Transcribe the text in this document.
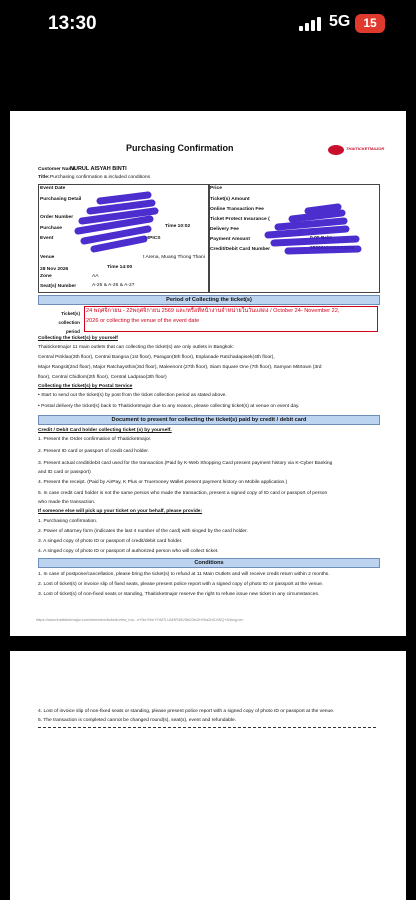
13:30	5G	15
Purchasing Confirmation	THAITICKETMAJOR
Customer Name
NURUL AISYAH BINTI
Title: Purchasing confirmation & included conditions
Event Date
Purchasing Detail
Order Number
Purchase
Event
Time 10:02
MPICS
Venue	t Arena, Muang Thong Thani
28 Nov 2026	Time 14:00
Zone	AA
Seat(s) Number	A-25 & A-26 & A-27
Price
Ticket(s) Amount
Online Transaction Fee
Ticket Protect Insurance (
Delivery Fee
Payment Amount	0.00 Baht
Credit/Debit Card Number	28609XXXXXX4939
Period of Collecting the ticket(s)
Ticket(s) collection period
24 พฤศจิกายน - 22พฤศจิกายน 2569 และ/หรือที่หน้างานจำหน่ายในวันแสดง / October 24- November 22,
2026 or collecting the venue of the event date
Collecting the ticket(s) by yourself
Thaiticketmajor 11 main outlets that can collecting the ticket(s) are only outlets in Bangkok:
Central Pinklao(3th floor), Central Bangna (1st floor), Paragon(5th floor), Esplanade Ratchadapisek(4th floor),
Major Rangsit(2nd floor), Major Ratchayothin(3rd floor), Maleenont (27th floor), Siam Square One (7th floor), Samyan Mitrtown (3rd
floor), Central Chidlom(2th floor), Central Ladprao(3th floor)
Collecting the ticket(s) by Postal Service
• Start to send out the ticket(s) by post from the ticket collection period as stated above.
• Postal delivery the ticket(s) back to Thaiticketmajor due to any reason, please collecting ticket(s) at venue on event day.
Document to present for collecting the ticket(s) paid by credit / debit card
Credit / Debit Card holder collecting ticket (s) by yourself.
1. Present the Order confirmation of Thaiticketmajor.
2. Present ID card or passport of credit card holder.
3. Present actual credit/debit card used for the transaction.(Paid by K-Web Shopping Card present payment history via K-Cyber Banking
and ID card or passport)
4. Present the receipt. (Paid by AirPay, K Plus or Truemoney Wallet present payment history on Mobile application.)
5. In case credit card holder is not the same person who made the transaction, present a signed copy of ID card or passport of person
who made the transaction.
If someone else will pick up your ticket on your behalf, please provide:
1. Purchasing confirmation.
2. Power of attorney form (indicates the last 4 number of the card) with singed by the card holder.
3. A singed copy of photo ID or passport of credit/debit card holder.
4. A singed copy of photo ID or passport of authorized person who will collect ticket.
Conditions
1. In case of postpone/cancellation, please bring the ticket(s) to refund at 11 Main Outlets and will receive credit return within 2 months.
2. Lost of ticket(s) or invoice slip of fixed seats, please present police report with a signed copy of photo ID or passport at the venue.
3. Lost of ticket(s) of non-fixed seats or standing, Thaiticketmajor reserve the right to refuse issue new ticket in any circumstances.
https://www.thaiticketmajor.com/members/tickets/view_ma...nYNs+Mz/YOM7LUM3R38V5bD3tcZH/0Ia2hDXWQ+8/lang=en
4. Lost of invoice slip of non-fixed seats or standing, please present police report with a signed copy of photo ID or passport at the venue.
5. The transaction is completed cannot be changed round(s), seat(s), event and refundable.
